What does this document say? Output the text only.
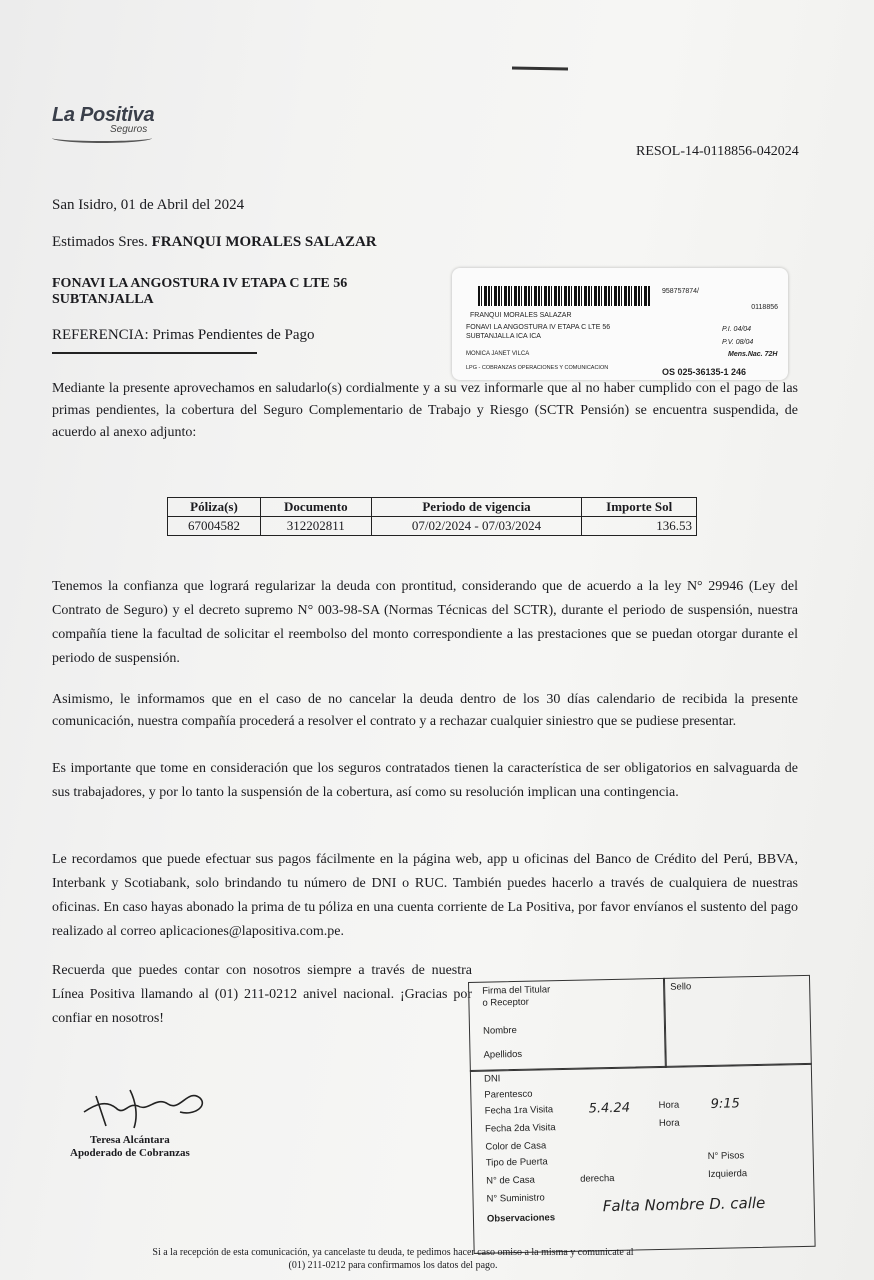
La Positiva
Seguros
RESOL-14-0118856-042024
San Isidro, 01 de Abril del 2024
Estimados Sres. FRANQUI MORALES SALAZAR
FONAVI LA ANGOSTURA IV ETAPA C LTE 56
SUBTANJALLA
REFERENCIA: Primas Pendientes de Pago
958757874/
0118856
FRANQUI MORALES SALAZAR
FONAVI LA ANGOSTURA IV ETAPA C LTE 56
SUBTANJALLA ICA ICA
P.I. 04/04
P.V. 08/04
Mens.Nac. 72H
MONICA JANET VILCA
LPG - COBRANZAS OPERACIONES Y COMUNICACION	OS 025-36135-1 246

Mediante la presente aprovechamos en saludarlo(s) cordialmente y a su vez informarle que al no haber cumplido con el pago de las primas pendientes, la cobertura del Seguro Complementario de Trabajo y Riesgo (SCTR Pensión) se encuentra suspendida, de acuerdo al anexo adjunto:

Póliza(s)	Documento	Periodo de vigencia	Importe Sol
67004582	312202811	07/02/2024 - 07/03/2024	136.53

Tenemos la confianza que logrará regularizar la deuda con prontitud, considerando que de acuerdo a la ley N° 29946 (Ley del Contrato de Seguro) y el decreto supremo N° 003-98-SA (Normas Técnicas del SCTR), durante el periodo de suspensión, nuestra compañía tiene la facultad de solicitar el reembolso del monto correspondiente a las prestaciones que se puedan otorgar durante el periodo de suspensión.

Asimismo, le informamos que en el caso de no cancelar la deuda dentro de los 30 días calendario de recibida la presente comunicación, nuestra compañía procederá a resolver el contrato y a rechazar cualquier siniestro que se pudiese presentar.

Es importante que tome en consideración que los seguros contratados tienen la característica de ser obligatorios en salvaguarda de sus trabajadores, y por lo tanto la suspensión de la cobertura, así como su resolución implican una contingencia.

Le recordamos que puede efectuar sus pagos fácilmente en la página web, app u oficinas del Banco de Crédito del Perú, BBVA, Interbank y Scotiabank, solo brindando tu número de DNI o RUC. También puedes hacerlo a través de cualquiera de nuestras oficinas. En caso hayas abonado la prima de tu póliza en una cuenta corriente de La Positiva, por favor envíanos el sustento del pago realizado al correo aplicaciones@lapositiva.com.pe.

Recuerda que puedes contar con nosotros siempre a través de nuestra Línea Positiva llamando al (01) 211-0212 anivel nacional. ¡Gracias por confiar en nosotros!

Teresa Alcántara
Apoderado de Cobranzas
Firma del Titular
o Receptor
Sello
Nombre
Apellidos
DNI
Parentesco
Fecha 1ra Visita	5.4.24	Hora 9:15
Fecha 2da Visita	Hora
Color de Casa
Tipo de Puerta
N° Pisos
N° de Casa	derecha	Izquierda
N° Suministro
Observaciones
Falta Nombre D. calle
Si a la recepción de esta comunicación, ya cancelaste tu deuda, te pedimos hacer caso omiso a la misma y comunicate al
(01) 211-0212 para confirmamos los datos del pago.
